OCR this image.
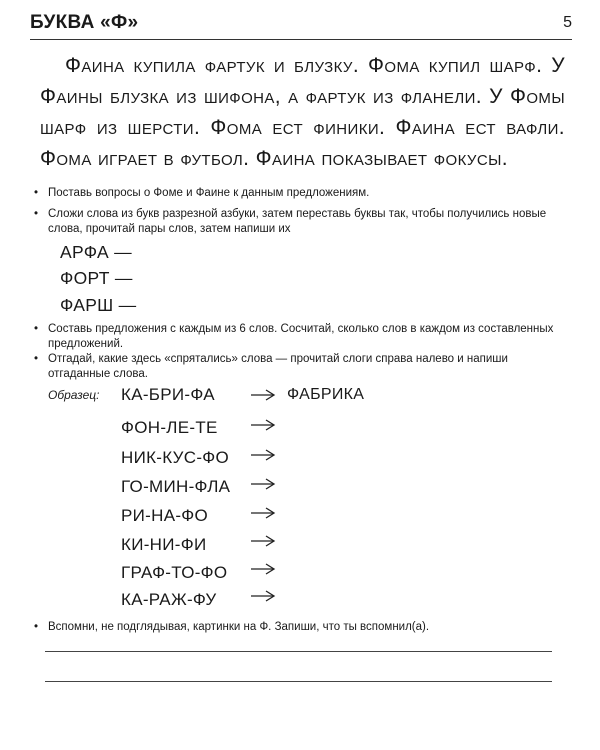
БУКВА «Ф»	5

Фаина купила фартук и блузку. Фома купил шарф. У Фаины блузка из шифона, а фартук из фланели. У Фомы шарф из шерсти. Фома ест финики. Фаина ест вафли. Фома играет в футбол. Фаина показывает фокусы.

• Поставь вопросы о Фоме и Фаине к данным предложениям.
• Сложи слова из букв разрезной азбуки, затем переставь буквы так, чтобы получились новые слова, прочитай пары слов, затем напиши их
АРФА —
ФОРТ —
ФАРШ —
• Составь предложения с каждым из 6 слов. Сосчитай, сколько слов в каждом из составленных предложений.
• Отгадай, какие здесь «спрятались» слова — прочитай слоги справа налево и напиши отгаданные слова.
Образец: КА-БРИ-ФА
ФОН-ЛЕ-ТЕ
НИК-КУС-ФО
ГО-МИН-ФЛА
РИ-НА-ФО
КИ-НИ-ФИ
ГРАФ-ТО-ФО
КА-РАЖ-ФУ
ФАБРИКА
• Вспомни, не подглядывая, картинки на Ф. Запиши, что ты вспомнил(а).
